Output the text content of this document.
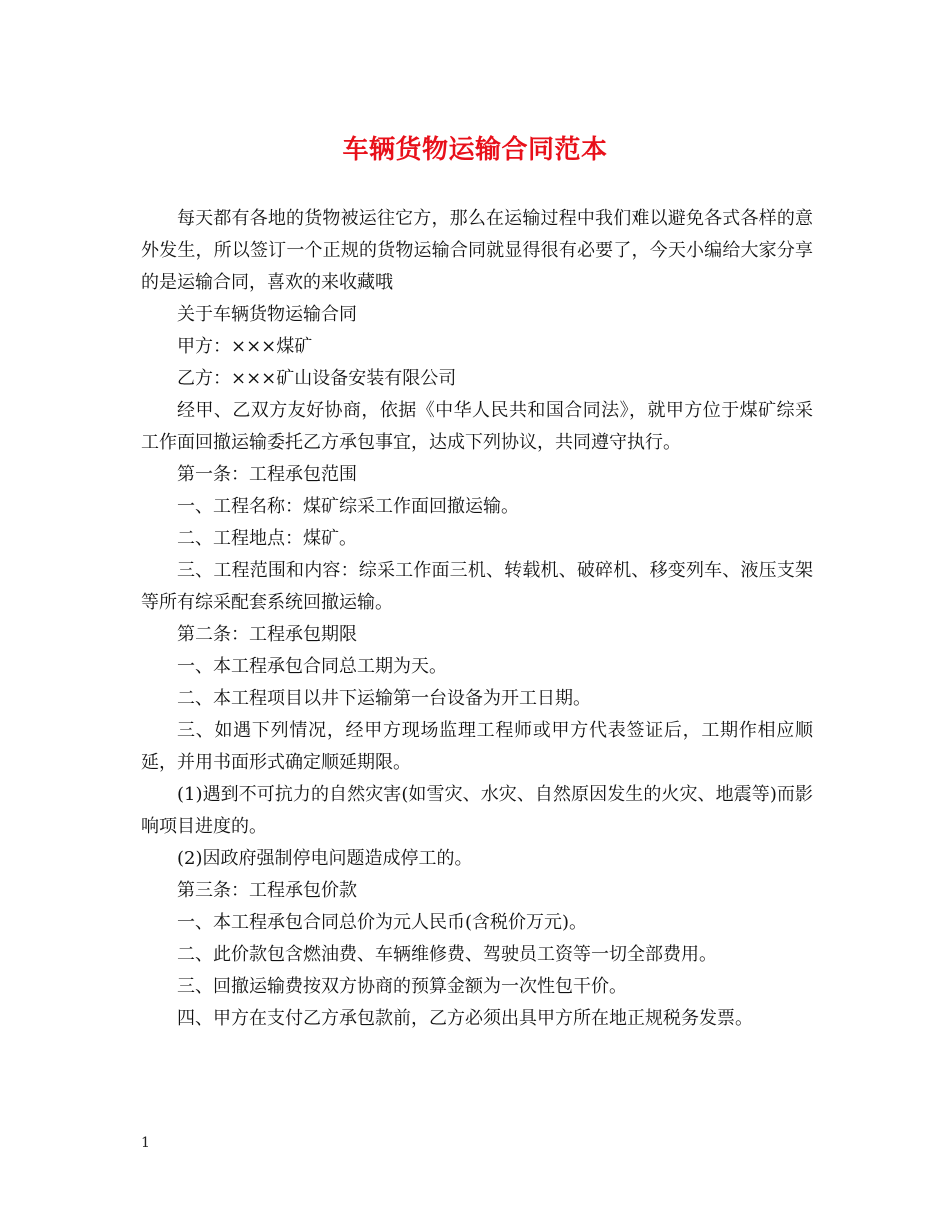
车辆货物运输合同范本

每天都有各地的货物被运往它方，那么在运输过程中我们难以避免各式各样的意外发生，所以签订一个正规的货物运输合同就显得很有必要了，今天小编给大家分享的是运输合同，喜欢的来收藏哦

关于车辆货物运输合同

甲方：×××煤矿

乙方：×××矿山设备安装有限公司

经甲、乙双方友好协商，依据《中华人民共和国合同法》，就甲方位于煤矿综采工作面回撤运输委托乙方承包事宜，达成下列协议，共同遵守执行。

第一条：工程承包范围

一、工程名称：煤矿综采工作面回撤运输。

二、工程地点：煤矿。

三、工程范围和内容：综采工作面三机、转载机、破碎机、移变列车、液压支架等所有综采配套系统回撤运输。

第二条：工程承包期限

一、本工程承包合同总工期为天。

二、本工程项目以井下运输第一台设备为开工日期。

三、如遇下列情况，经甲方现场监理工程师或甲方代表签证后，工期作相应顺延，并用书面形式确定顺延期限。

(1)遇到不可抗力的自然灾害(如雪灾、水灾、自然原因发生的火灾、地震等)而影响项目进度的。

(2)因政府强制停电问题造成停工的。

第三条：工程承包价款

一、本工程承包合同总价为元人民币(含税价万元)。

二、此价款包含燃油费、车辆维修费、驾驶员工资等一切全部费用。

三、回撤运输费按双方协商的预算金额为一次性包干价。

四、甲方在支付乙方承包款前，乙方必须出具甲方所在地正规税务发票。

1
